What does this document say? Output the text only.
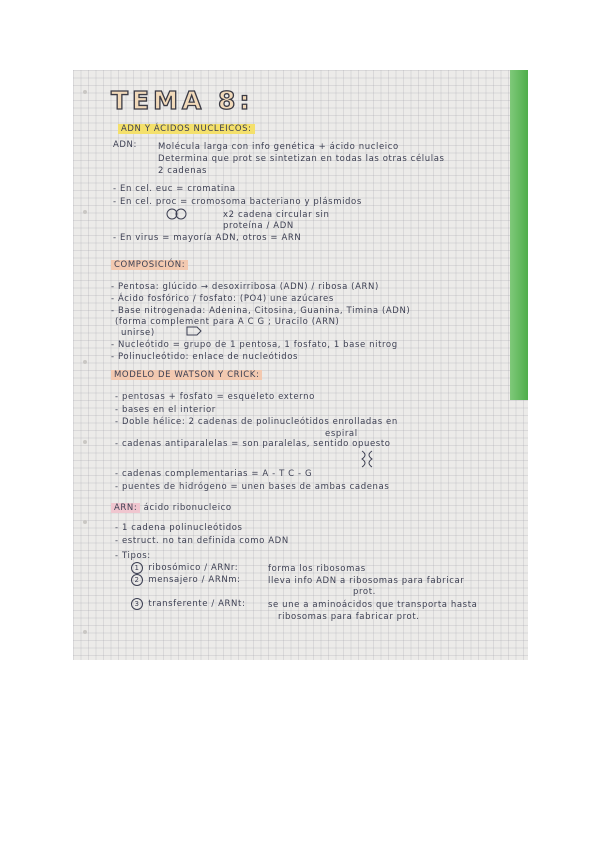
TEMA 8:
ADN Y ÁCIDOS NUCLEICOS:
ADN: Molécula larga con info genética + ácido nucleico
Determina que prot se sintetizan en todas las otras células
2 cadenas
- En cel. euc = cromatina
- En cel. proc = cromosoma bacteriano y plásmidos
x2 cadena circular sin
proteína / ADN
- En virus = mayoría ADN, otros = ARN
COMPOSICIÓN:
- Pentosa: glúcido → desoxirribosa (ADN) / ribosa (ARN)
- Ácido fosfórico / fosfato: (PO4) une azúcares
- Base nitrogenada: Adenina, Citosina, Guanina, Timina (ADN)
(forma complement para A C G ; Uracilo (ARN)
unirse)
- Nucleótido = grupo de 1 pentosa, 1 fosfato, 1 base nitrog
- Polinucleótido: enlace de nucleótidos
MODELO DE WATSON Y CRICK:
- pentosas + fosfato = esqueleto externo
- bases en el interior
- Doble hélice: 2 cadenas de polinucleótidos enrolladas en
espiral
- cadenas antiparalelas = son paralelas, sentido opuesto
- cadenas complementarias = A - T C - G
- puentes de hidrógeno = unen bases de ambas cadenas
ARN: ácido ribonucleico
- 1 cadena polinucleótidos
- estruct. no tan definida como ADN
- Tipos:
1 ribosómico / ARNr:	forma los ribosomas
2 mensajero / ARNm:	lleva info ADN a ribosomas para fabricar
prot.
3 transferente / ARNt:	se une a aminoácidos que transporta hasta
ribosomas para fabricar prot.
